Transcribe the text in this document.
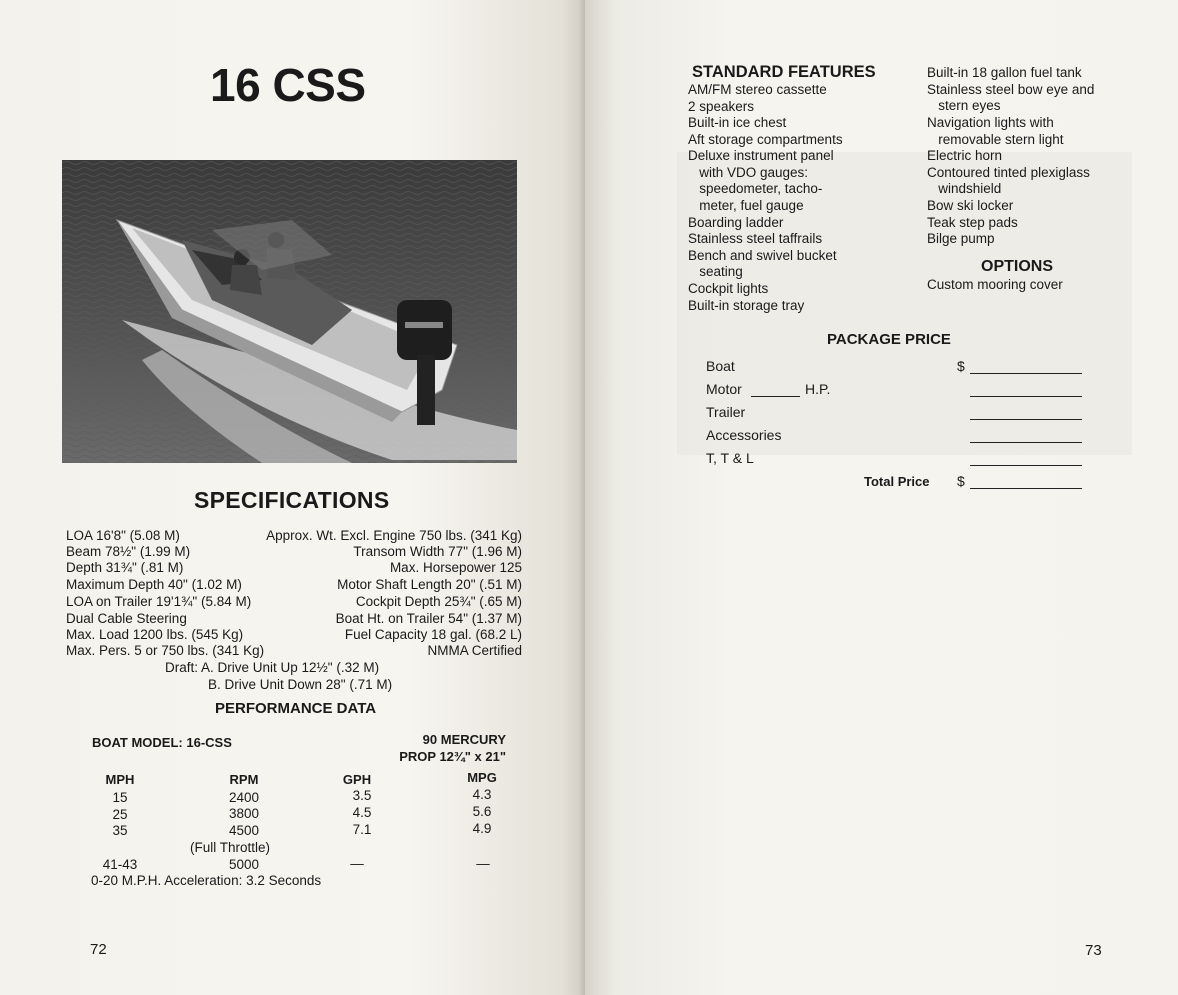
16 CSS
SPECIFICATIONS
LOA 16'8" (5.08 M)	Approx. Wt. Excl. Engine 750 lbs. (341 Kg)
Beam 78½" (1.99 M)	Transom Width 77" (1.96 M)
Depth 31¾" (.81 M)	Max. Horsepower 125
Maximum Depth 40" (1.02 M)	Motor Shaft Length 20" (.51 M)
LOA on Trailer 19'1¾" (5.84 M)	Cockpit Depth 25¾" (.65 M)
Dual Cable Steering	Boat Ht. on Trailer 54" (1.37 M)
Max. Load 1200 lbs. (545 Kg)	Fuel Capacity 18 gal. (68.2 L)
Max. Pers. 5 or 750 lbs. (341 Kg)	NMMA Certified
Draft: A. Drive Unit Up 12½" (.32 M)
B. Drive Unit Down 28" (.71 M)
PERFORMANCE DATA
BOAT MODEL: 16-CSS	90 MERCURY
PROP 12¾" x 21"
MPH	RPM	GPH	MPG
15	2400	3.5	4.3
25	3800	4.5	5.6
35	4500	7.1	4.9
(Full Throttle)
41-43	5000	—	—
0-20 M.P.H. Acceleration: 3.2 Seconds
72
STANDARD FEATURES
AM/FM stereo cassette
2 speakers
Built-in ice chest
Aft storage compartments
Deluxe instrument panel
with VDO gauges:
speedometer, tacho-
meter, fuel gauge
Boarding ladder
Stainless steel taffrails
Bench and swivel bucket
seating
Cockpit lights
Built-in storage tray
Built-in 18 gallon fuel tank
Stainless steel bow eye and
stern eyes
Navigation lights with
removable stern light
Electric horn
Contoured tinted plexiglass
windshield
Bow ski locker
Teak step pads
Bilge pump
OPTIONS
Custom mooring cover
PACKAGE PRICE
Boat	$
Motor	H.P.
Trailer
Accessories
T, T & L
Total Price $
73
